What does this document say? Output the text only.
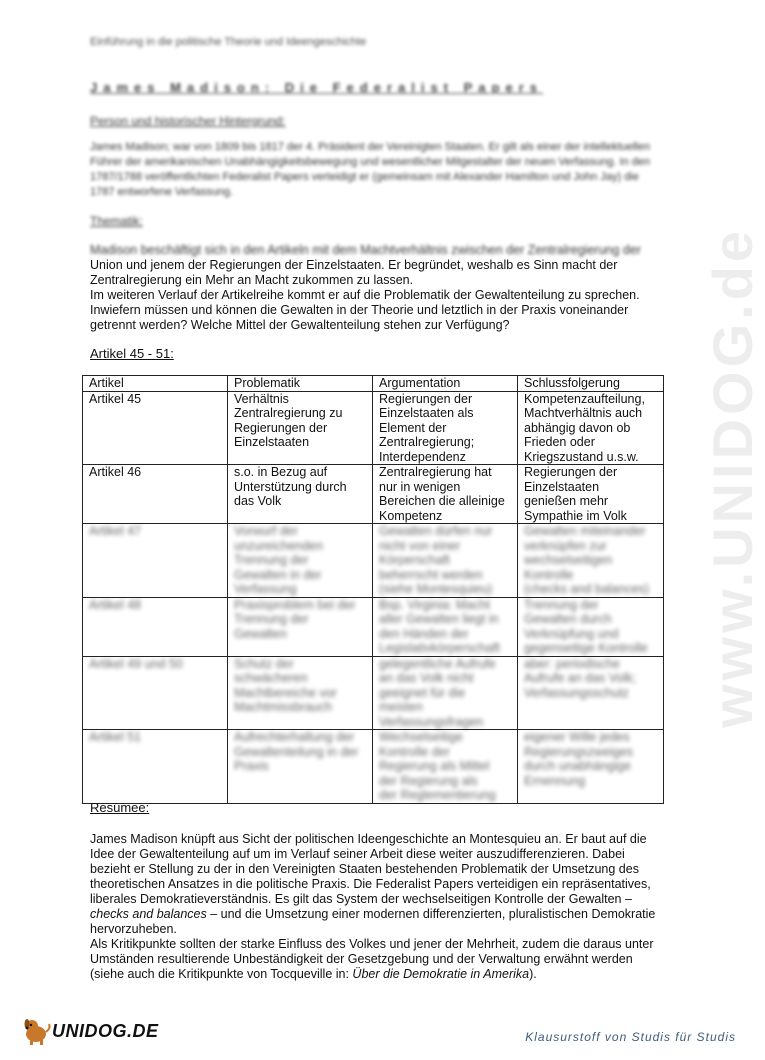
Einführung in die politische Theorie und Ideengeschichte
James Madison: Die Federalist Papers
Person und historischer Hintergrund:
James Madison; war von 1809 bis 1817 der 4. Präsident der Vereinigten Staaten. Er gilt als einer der intellektuellen Führer der amerikanischen Unabhängigkeitsbewegung und wesentlicher Mitgestalter der neuen Verfassung. In den 1787/1788 veröffentlichten Federalist Papers verteidigt er (gemeinsam mit Alexander Hamilton und John Jay) die 1787 entworfene Verfassung.
Thematik:
Madison beschäftigt sich in den Artikeln mit dem Machtverhältnis zwischen der Zentralregierung der
Union und jenem der Regierungen der Einzelstaaten. Er begründet, weshalb es Sinn macht der
Zentralregierung ein Mehr an Macht zukommen zu lassen.
Im weiteren Verlauf der Artikelreihe kommt er auf die Problematik der Gewaltenteilung zu sprechen.
Inwiefern müssen und können die Gewalten in der Theorie und letztlich in der Praxis voneinander
getrennt werden? Welche Mittel der Gewaltenteilung stehen zur Verfügung?
Artikel 45 - 51:
Artikel	Problematik	Argumentation	Schlussfolgerung

Artikel 45	Verhältnis
Zentralregierung zu
Regierungen der
Einzelstaaten	Regierungen der
Einzelstaaten als
Element der
Zentralregierung;
Interdependenz	Kompetenzaufteilung,
Machtverhältnis auch
abhängig davon ob
Frieden oder
Kriegszustand u.s.w.

Artikel 46	s.o. in Bezug auf
Unterstützung durch
das Volk	Zentralregierung hat
nur in wenigen
Bereichen die alleinige
Kompetenz	Regierungen der
Einzelstaaten
genießen mehr
Sympathie im Volk

Artikel 47	Vorwurf der
unzureichenden
Trennung der
Gewalten in der
Verfassung	Gewalten dürfen nur
nicht von einer
Körperschaft
beherrscht werden
(siehe Montesquieu)	Gewalten miteinander
verknüpfen zur
wechselseitigen
Kontrolle
(checks and balances)

Artikel 48	Praxisproblem bei der
Trennung der
Gewalten	Bsp. Virginia: Macht
aller Gewalten liegt in
den Händen der
Legislativkörperschaft	Trennung der
Gewalten durch
Verknüpfung und
gegenseitige Kontrolle

Artikel 49 und 50	Schutz der
schwächeren
Machtbereiche vor
Machtmissbrauch	gelegentliche Aufrufe
an das Volk nicht
geeignet für die
meisten
Verfassungsfragen	aber: periodische
Aufrufe an das Volk;
Verfassungsschutz

Artikel 51	Aufrechterhaltung der
Gewaltenteilung in der
Praxis	Wechselseitige
Kontrolle der
Regierung als Mittel
der Regierung als
der Reglementierung	eigener Wille jedes
Regierungszweiges
durch unabhängige
Ernennung
Resümee:
James Madison knüpft aus Sicht der politischen Ideengeschichte an Montesquieu an. Er baut auf die
Idee der Gewaltenteilung auf um im Verlauf seiner Arbeit diese weiter auszudifferenzieren. Dabei
bezieht er Stellung zu der in den Vereinigten Staaten bestehenden Problematik der Umsetzung des
theoretischen Ansatzes in die politische Praxis. Die Federalist Papers verteidigen ein repräsentatives,
liberales Demokratieverständnis. Es gilt das System der wechselseitigen Kontrolle der Gewalten –
checks and balances – und die Umsetzung einer modernen differenzierten, pluralistischen Demokratie
hervorzuheben.
Als Kritikpunkte sollten der starke Einfluss des Volkes und jener der Mehrheit, zudem die daraus unter
Umständen resultierende Unbeständigkeit der Gesetzgebung und der Verwaltung erwähnt werden
(siehe auch die Kritikpunkte von Tocqueville in: Über die Demokratie in Amerika).
www.UNIDOG.de
UNIDOG.DE	Klausurstoff von Studis für Studis
